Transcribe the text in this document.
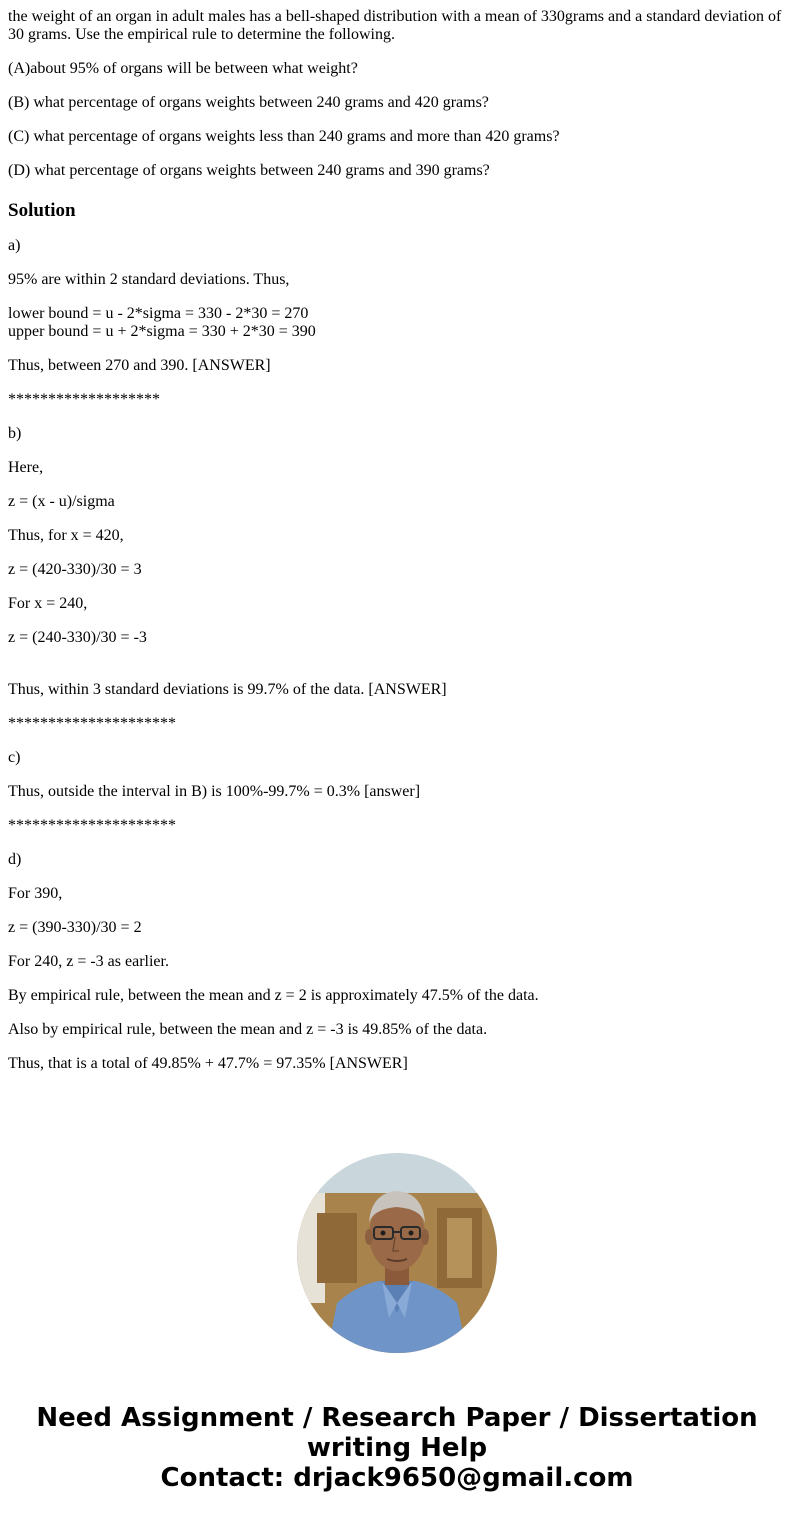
the weight of an organ in adult males has a bell-shaped distribution with a mean of 330grams and a standard deviation of 30 grams. Use the empirical rule to determine the following.

(A)about 95% of organs will be between what weight?

(B) what percentage of organs weights between 240 grams and 420 grams?

(C) what percentage of organs weights less than 240 grams and more than 420 grams?

(D) what percentage of organs weights between 240 grams and 390 grams?

Solution

a)

95% are within 2 standard deviations. Thus,

lower bound = u - 2*sigma = 330 - 2*30 = 270
upper bound = u + 2*sigma = 330 + 2*30 = 390

Thus, between 270 and 390. [ANSWER]

*******************

b)

Here,

z = (x - u)/sigma

Thus, for x = 420,

z = (420-330)/30 = 3

For x = 240,

z = (240-330)/30 = -3

Thus, within 3 standard deviations is 99.7% of the data. [ANSWER]

*********************

c)

Thus, outside the interval in B) is 100%-99.7% = 0.3% [answer]

*********************

d)

For 390,

z = (390-330)/30 = 2

For 240, z = -3 as earlier.

By empirical rule, between the mean and z = 2 is approximately 47.5% of the data.

Also by empirical rule, between the mean and z = -3 is 49.85% of the data.

Thus, that is a total of 49.85% + 47.7% = 97.35% [ANSWER]

Need Assignment / Research Paper / Dissertation
writing Help
Contact: drjack9650@gmail.com
